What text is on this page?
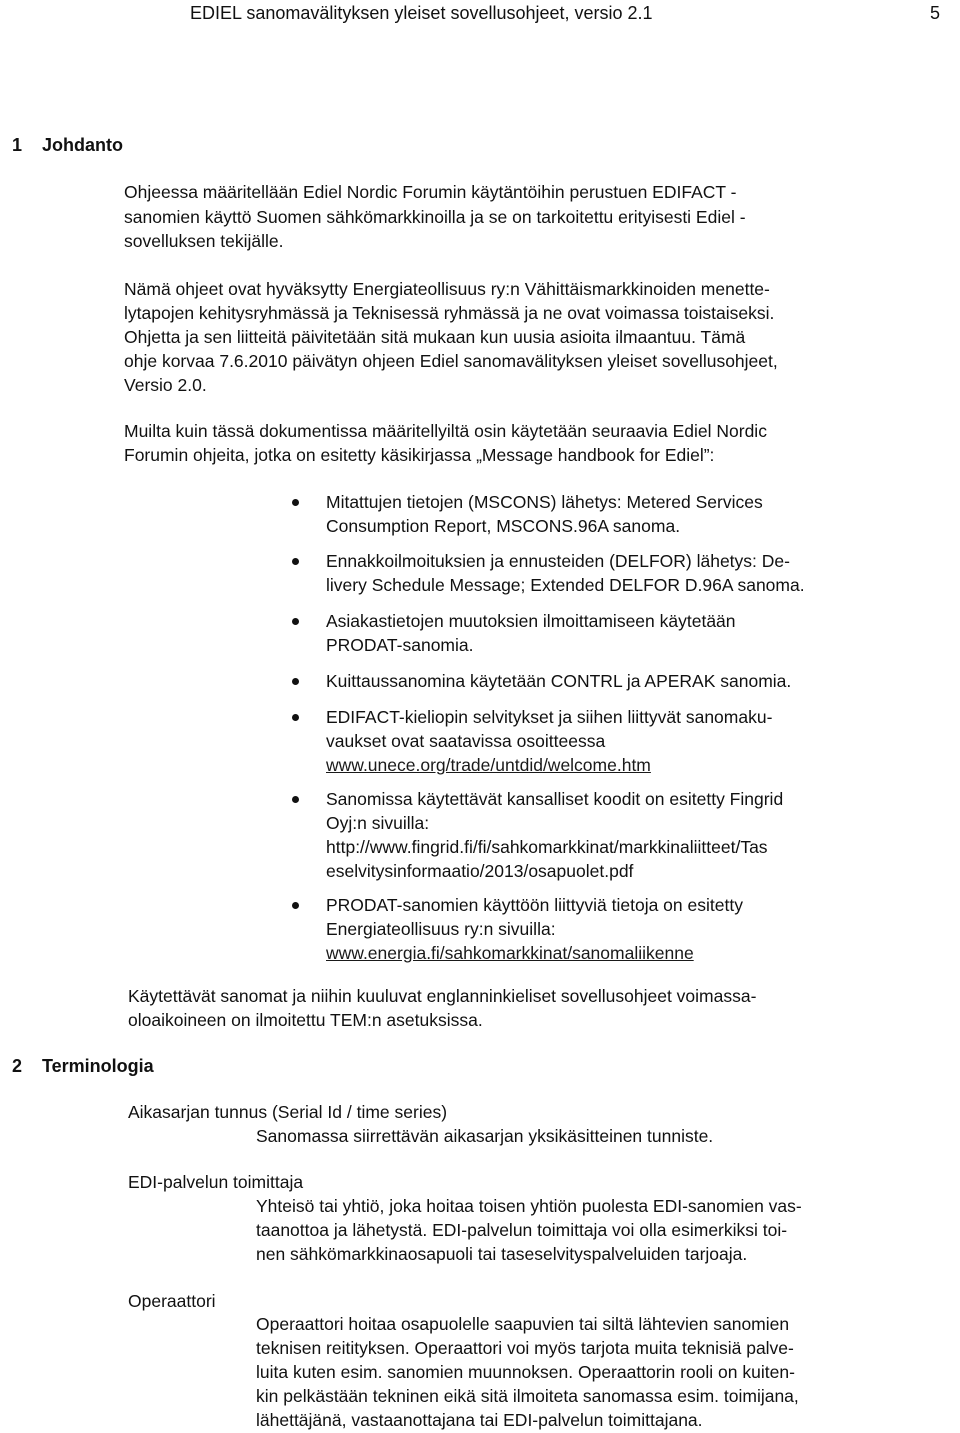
EDIEL sanomavälityksen yleiset sovellusohjeet, versio 2.1	5
1 Johdanto
Ohjeessa määritellään Ediel Nordic Forumin käytäntöihin perustuen EDIFACT -
sanomien käyttö Suomen sähkömarkkinoilla ja se on tarkoitettu erityisesti Ediel -
sovelluksen tekijälle.
Nämä ohjeet ovat hyväksytty Energiateollisuus ry:n Vähittäismarkkinoiden menette-
lytapojen kehitysryhmässä ja Teknisessä ryhmässä ja ne ovat voimassa toistaiseksi.
Ohjetta ja sen liitteitä päivitetään sitä mukaan kun uusia asioita ilmaantuu. Tämä
ohje korvaa 7.6.2010 päivätyn ohjeen Ediel sanomavälityksen yleiset sovellusohjeet,
Versio 2.0.
Muilta kuin tässä dokumentissa määritellyiltä osin käytetään seuraavia Ediel Nordic
Forumin ohjeita, jotka on esitetty käsikirjassa „Message handbook for Ediel”:
Mitattujen tietojen (MSCONS) lähetys: Metered Services
Consumption Report, MSCONS.96A sanoma.
Ennakkoilmoituksien ja ennusteiden (DELFOR) lähetys: De-
livery Schedule Message; Extended DELFOR D.96A sanoma.
Asiakastietojen muutoksien ilmoittamiseen käytetään
PRODAT-sanomia.
Kuittaussanomina käytetään CONTRL ja APERAK sanomia.
EDIFACT-kieliopin selvitykset ja siihen liittyvät sanomaku-
vaukset ovat saatavissa osoitteessa
www.unece.org/trade/untdid/welcome.htm
Sanomissa käytettävät kansalliset koodit on esitetty Fingrid
Oyj:n sivuilla:
http://www.fingrid.fi/fi/sahkomarkkinat/markkinaliitteet/Tas
eselvitysinformaatio/2013/osapuolet.pdf
PRODAT-sanomien käyttöön liittyviä tietoja on esitetty
Energiateollisuus ry:n sivuilla:
www.energia.fi/sahkomarkkinat/sanomaliikenne
Käytettävät sanomat ja niihin kuuluvat englanninkieliset sovellusohjeet voimassa-
oloaikoineen on ilmoitettu TEM:n asetuksissa.
2 Terminologia
Aikasarjan tunnus (Serial Id / time series)
Sanomassa siirrettävän aikasarjan yksikäsitteinen tunniste.
EDI-palvelun toimittaja
Yhteisö tai yhtiö, joka hoitaa toisen yhtiön puolesta EDI-sanomien vas-
taanottoa ja lähetystä. EDI-palvelun toimittaja voi olla esimerkiksi toi-
nen sähkömarkkinaosapuoli tai taseselvityspalveluiden tarjoaja.
Operaattori
Operaattori hoitaa osapuolelle saapuvien tai siltä lähtevien sanomien
teknisen reitityksen. Operaattori voi myös tarjota muita teknisiä palve-
luita kuten esim. sanomien muunnoksen. Operaattorin rooli on kuiten-
kin pelkästään tekninen eikä sitä ilmoiteta sanomassa esim. toimijana,
lähettäjänä, vastaanottajana tai EDI-palvelun toimittajana.
